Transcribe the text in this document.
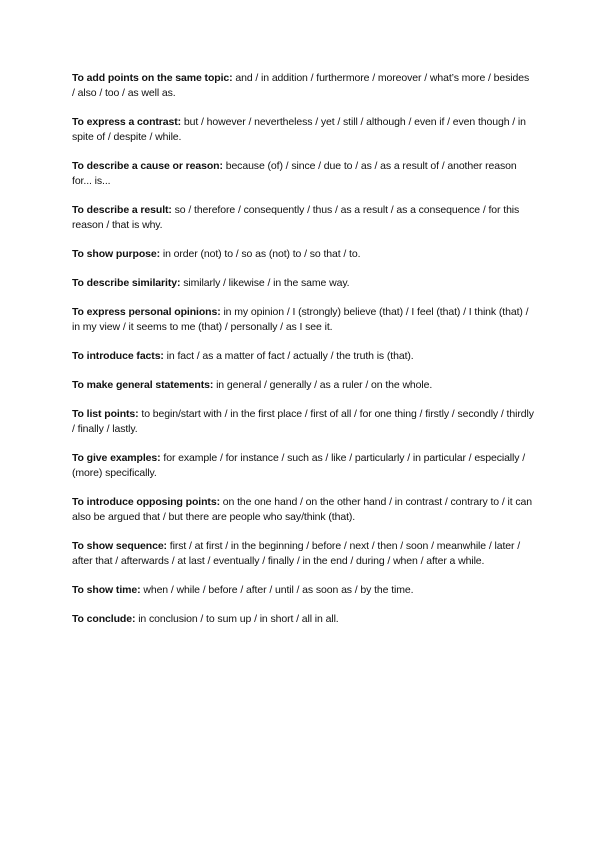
To add points on the same topic: and / in addition / furthermore / moreover / what’s more / besides / also / too / as well as.

To express a contrast: but / however / nevertheless / yet / still / although / even if / even though / in spite of / despite / while.

To describe a cause or reason: because (of) / since / due to / as / as a result of / another reason for... is...

To describe a result: so / therefore / consequently / thus / as a result / as a consequence / for this reason / that is why.

To show purpose: in order (not) to / so as (not) to / so that / to.

To describe similarity: similarly / likewise / in the same way.

To express personal opinions: in my opinion / I (strongly) believe (that) / I feel (that) / I think (that) / in my view / it seems to me (that) / personally / as I see it.

To introduce facts: in fact / as a matter of fact / actually / the truth is (that).

To make general statements: in general / generally / as a ruler / on the whole.

To list points: to begin/start with / in the first place / first of all / for one thing / firstly / secondly / thirdly / finally / lastly.

To give examples: for example / for instance / such as / like / particularly / in particular / especially / (more) specifically.

To introduce opposing points: on the one hand / on the other hand / in contrast / contrary to / it can also be argued that / but there are people who say/think (that).

To show sequence: first / at first / in the beginning / before / next / then / soon / meanwhile / later / after that / afterwards / at last / eventually / finally / in the end / during / when / after a while.

To show time: when / while / before / after / until / as soon as / by the time.

To conclude: in conclusion / to sum up / in short / all in all.
